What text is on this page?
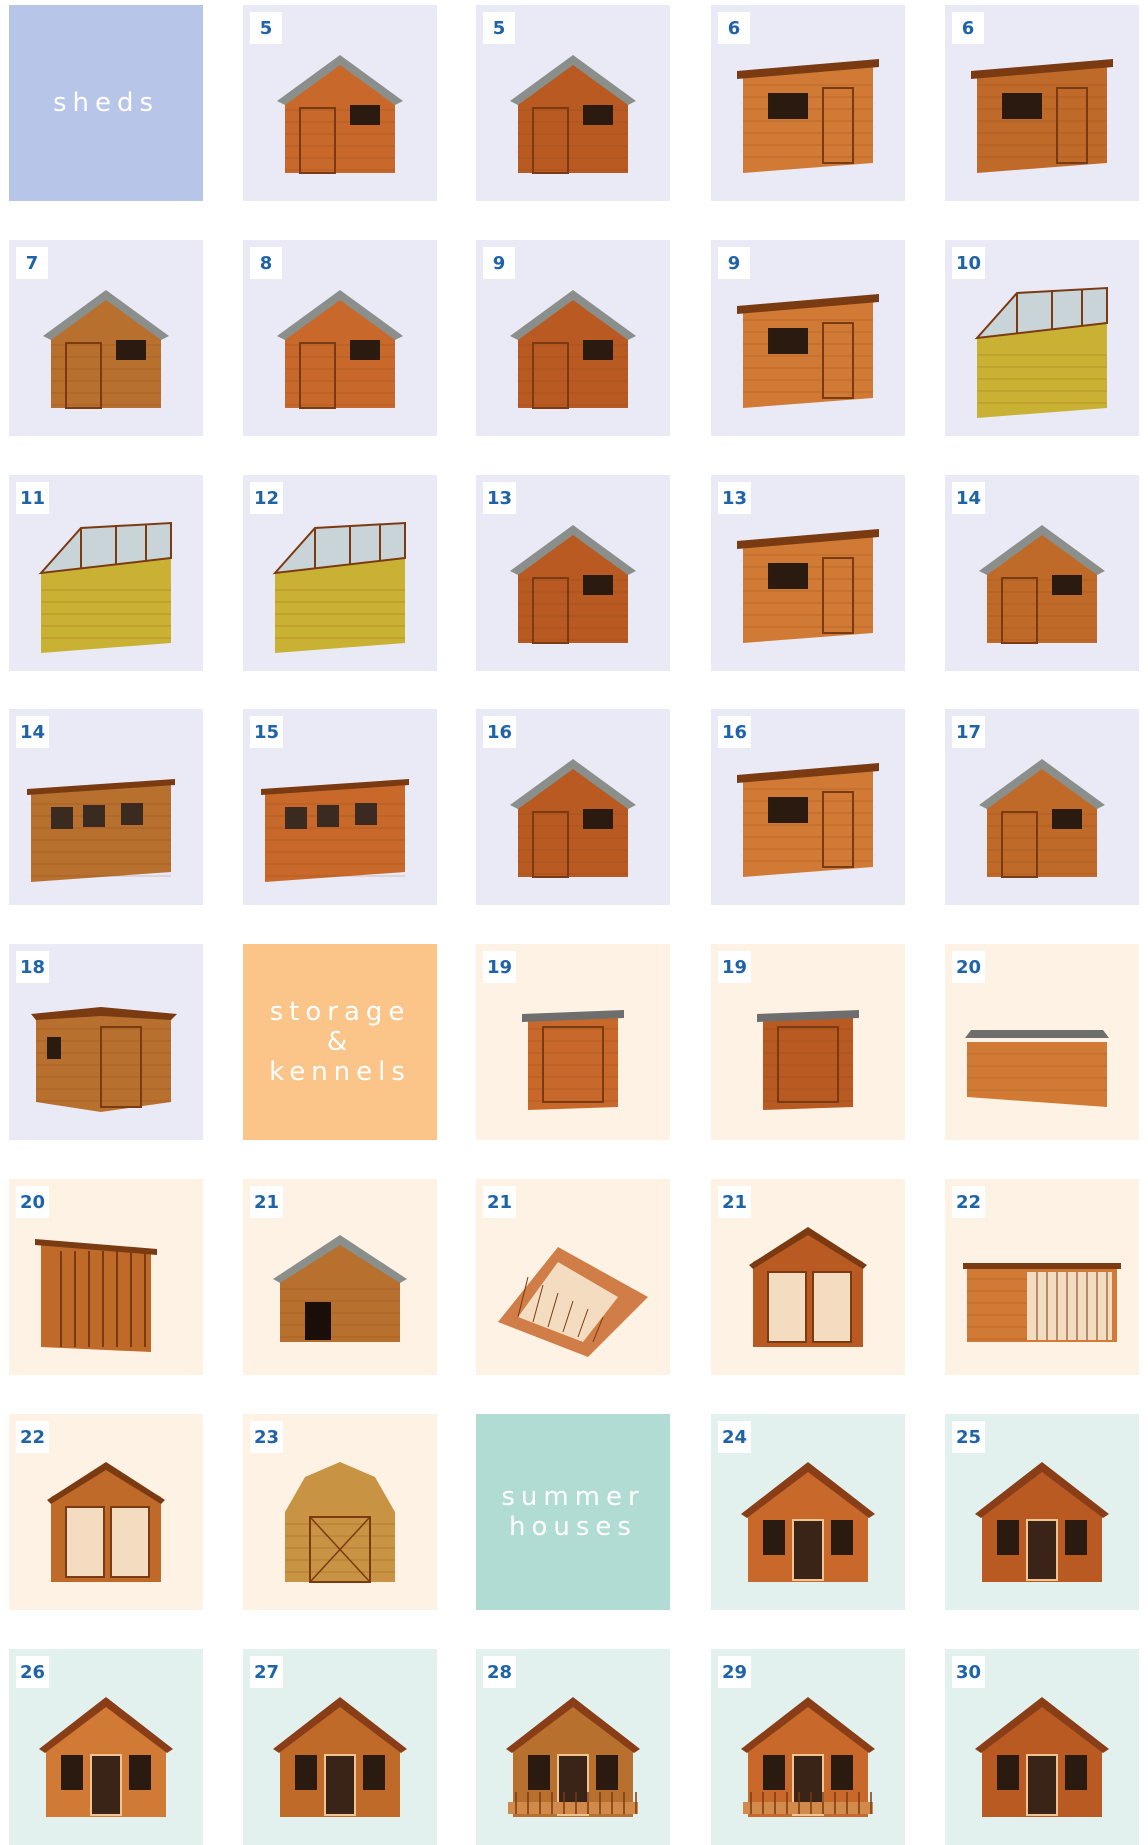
sheds
storage &
kennels
summer
houses
5	5	6	6
7	8	9	9	10
11	12	13	13	14
14	15	16	16	17
18	19	19	20
20	21	21	21	22
22	23	24	25
26	27	28	29	30
